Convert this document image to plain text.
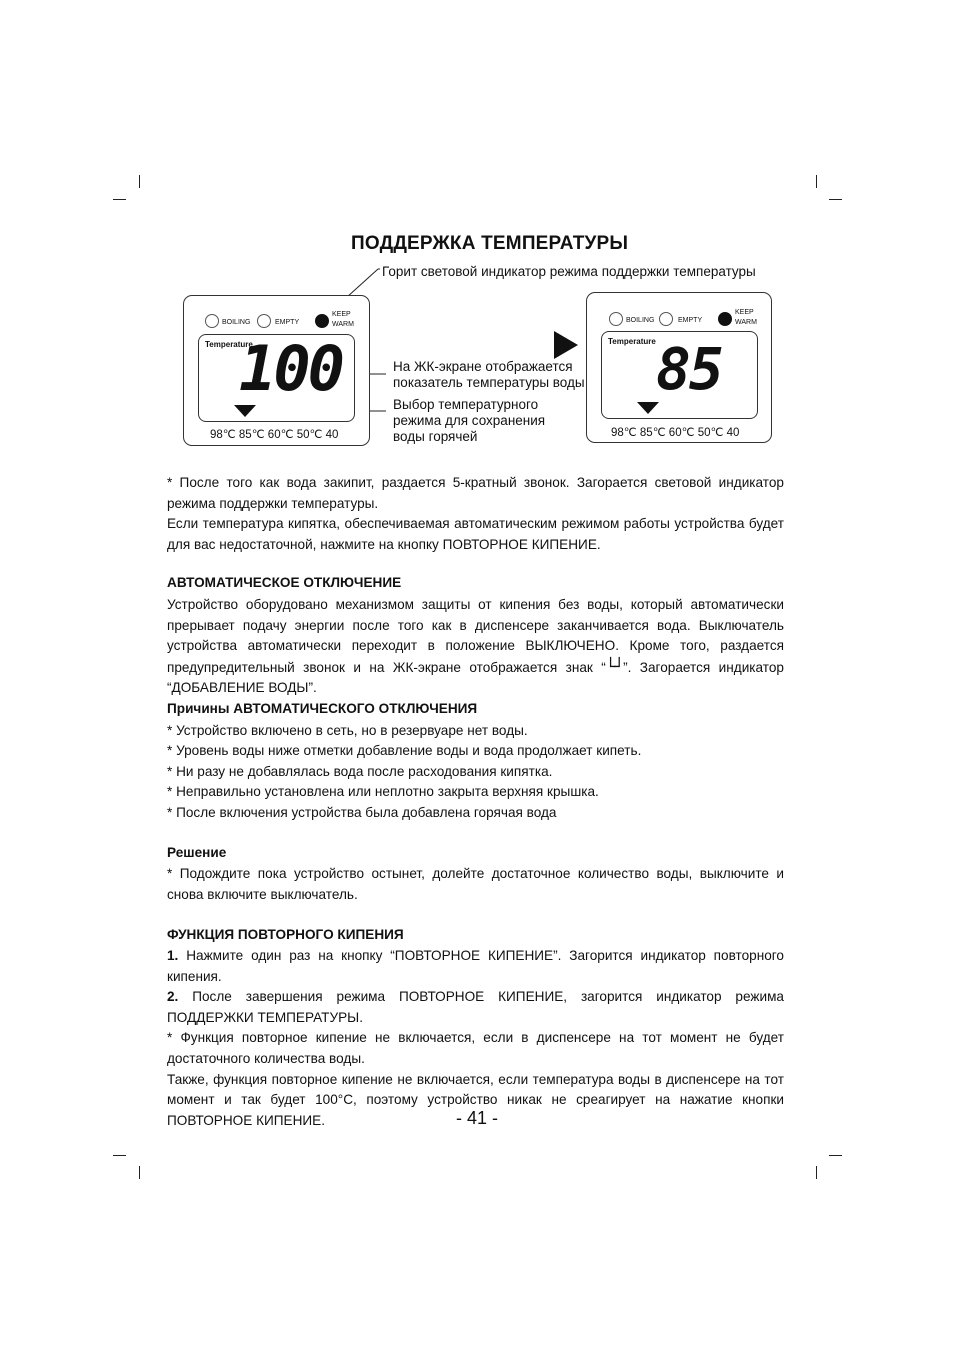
ПОДДЕРЖКА ТЕМПЕРАТУРЫ
Горит световой индикатор режима поддержки температуры
На ЖК-экране отображается
показатель температуры воды
Выбор температурного
режима для сохранения
воды горячей
BOILING	EMPTY
KEEP
WARM
Temperature
100
98℃ 85℃ 60℃ 50℃ 40
BOILING	EMPTY
KEEP
WARM
Temperature 85
98℃ 85℃ 60℃ 50℃ 40

* После того как вода закипит, раздается 5-кратный звонок. Загорается световой индикатор режима поддержки температуры.

Если температура кипятка, обеспечиваемая автоматическим режимом работы устройства будет для вас недостаточной, нажмите на кнопку ПОВТОРНОЕ КИПЕНИЕ.

АВТОМАТИЧЕСКОЕ ОТКЛЮЧЕНИЕ

Устройство оборудовано механизмом защиты от кипения без воды, который автоматически прерывает подачу энергии после того как в диспенсере заканчивается вода. Выключатель устройства автоматически переходит в положение ВЫКЛЮЧЕНО. Кроме того, раздается предупредительный звонок и на ЖК-экране отображается знак “└┘”. Загорается индикатор “ДОБАВЛЕНИЕ ВОДЫ”.

Причины АВТОМАТИЧЕСКОГО ОТКЛЮЧЕНИЯ
* Устройство включено в сеть, но в резервуаре нет воды.
* Уровень воды ниже отметки добавление воды и вода продолжает кипеть.
* Ни разу не добавлялась вода после расходования кипятка.
* Неправильно установлена или неплотно закрыта верхняя крышка.
* После включения устройства была добавлена горячая вода
Решение

* Подождите пока устройство остынет, долейте достаточное количество воды, выключите и снова включите выключатель.

ФУНКЦИЯ ПОВТОРНОГО КИПЕНИЯ

1. Нажмите один раз на кнопку “ПОВТОРНОЕ КИПЕНИЕ”. Загорится индикатор повторного кипения.

2. После завершения режима ПОВТОРНОЕ КИПЕНИЕ, загорится индикатор режима ПОДДЕРЖКИ ТЕМПЕРАТУРЫ.

* Функция повторное кипение не включается, если в диспенсере на тот момент не будет достаточного количества воды.

Также, функция повторное кипение не включается, если температура воды в диспенсере на тот момент и так будет 100°C, поэтому устройство никак не среагирует на нажатие кнопки ПОВТОРНОЕ КИПЕНИЕ.	- 41 -
